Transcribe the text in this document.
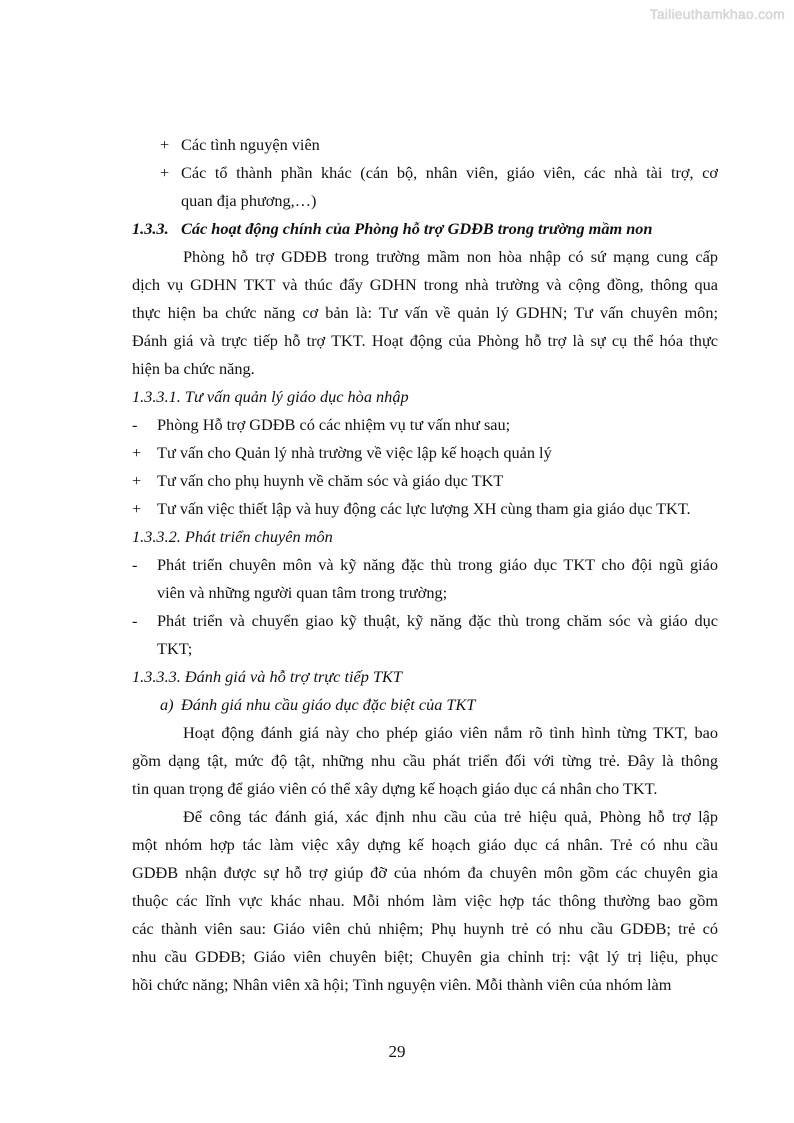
Tailieuthamkhao.com
+ Các tình nguyện viên
+ Các tổ thành phần khác (cán bộ, nhân viên, giáo viên, các nhà tài trợ, cơ
quan địa phương,…)
1.3.3. Các hoạt động chính của Phòng hỗ trợ GDĐB trong trường mầm non
Phòng hỗ trợ GDĐB trong trường mầm non hòa nhập có sứ mạng cung cấp
dịch vụ GDHN TKT và thúc đẩy GDHN trong nhà trường và cộng đồng, thông qua
thực hiện ba chức năng cơ bản là: Tư vấn về quản lý GDHN; Tư vấn chuyên môn;
Đánh giá và trực tiếp hỗ trợ TKT. Hoạt động của Phòng hỗ trợ là sự cụ thể hóa thực
hiện ba chức năng.
1.3.3.1. Tư vấn quản lý giáo dục hòa nhập
- Phòng Hỗ trợ GDĐB có các nhiệm vụ tư vấn như sau;
+ Tư vấn cho Quản lý nhà trường về việc lập kế hoạch quản lý
+ Tư vấn cho phụ huynh về chăm sóc và giáo dục TKT
+ Tư vấn việc thiết lập và huy động các lực lượng XH cùng tham gia giáo dục TKT.
1.3.3.2. Phát triển chuyên môn
- Phát triển chuyên môn và kỹ năng đặc thù trong giáo dục TKT cho đội ngũ giáo
viên và những người quan tâm trong trường;
- Phát triển và chuyển giao kỹ thuật, kỹ năng đặc thù trong chăm sóc và giáo dục
TKT;
1.3.3.3. Đánh giá và hỗ trợ trực tiếp TKT
a) Đánh giá nhu cầu giáo dục đặc biệt của TKT
Hoạt động đánh giá này cho phép giáo viên nắm rõ tình hình từng TKT, bao
gồm dạng tật, mức độ tật, những nhu cầu phát triển đối với từng trẻ. Đây là thông
tin quan trọng để giáo viên có thể xây dựng kế hoạch giáo dục cá nhân cho TKT.
Để công tác đánh giá, xác định nhu cầu của trẻ hiệu quả, Phòng hỗ trợ lập
một nhóm hợp tác làm việc xây dựng kế hoạch giáo dục cá nhân. Trẻ có nhu cầu
GDĐB nhận được sự hỗ trợ giúp đỡ của nhóm đa chuyên môn gồm các chuyên gia
thuộc các lĩnh vực khác nhau. Mỗi nhóm làm việc hợp tác thông thường bao gồm
các thành viên sau: Giáo viên chủ nhiệm; Phụ huynh trẻ có nhu cầu GDĐB; trẻ có
nhu cầu GDĐB; Giáo viên chuyên biệt; Chuyên gia chỉnh trị: vật lý trị liệu, phục
hồi chức năng; Nhân viên xã hội; Tình nguyện viên. Mỗi thành viên của nhóm làm
29
